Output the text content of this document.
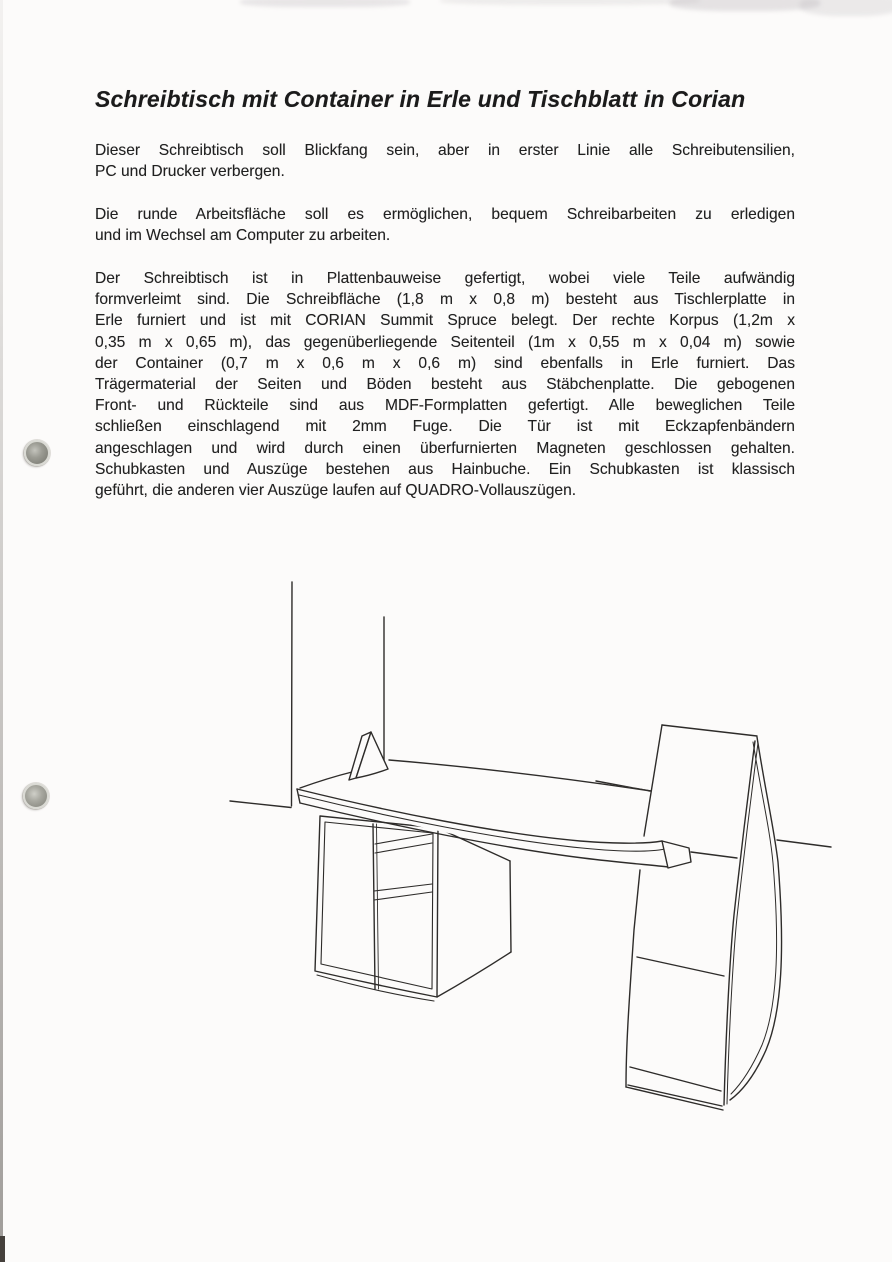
Schreibtisch mit Container in Erle und Tischblatt in Corian
Dieser Schreibtisch soll Blickfang sein, aber in erster Linie alle Schreibutensilien,
PC und Drucker verbergen.
Die runde Arbeitsfläche soll es ermöglichen, bequem Schreibarbeiten zu erledigen
und im Wechsel am Computer zu arbeiten.
Der Schreibtisch ist in Plattenbauweise gefertigt, wobei viele Teile aufwändig
formverleimt sind. Die Schreibfläche (1,8 m x 0,8 m) besteht aus Tischlerplatte in
Erle furniert und ist mit CORIAN Summit Spruce belegt. Der rechte Korpus (1,2m x
0,35 m x 0,65 m), das gegenüberliegende Seitenteil (1m x 0,55 m x 0,04 m) sowie
der Container (0,7 m x 0,6 m x 0,6 m) sind ebenfalls in Erle furniert. Das
Trägermaterial der Seiten und Böden besteht aus Stäbchenplatte. Die gebogenen
Front- und Rückteile sind aus MDF-Formplatten gefertigt. Alle beweglichen Teile
schließen einschlagend mit 2mm Fuge. Die Tür ist mit Eckzapfenbändern
angeschlagen und wird durch einen überfurnierten Magneten geschlossen gehalten.
Schubkasten und Auszüge bestehen aus Hainbuche. Ein Schubkasten ist klassisch
geführt, die anderen vier Auszüge laufen auf QUADRO-Vollauszügen.
